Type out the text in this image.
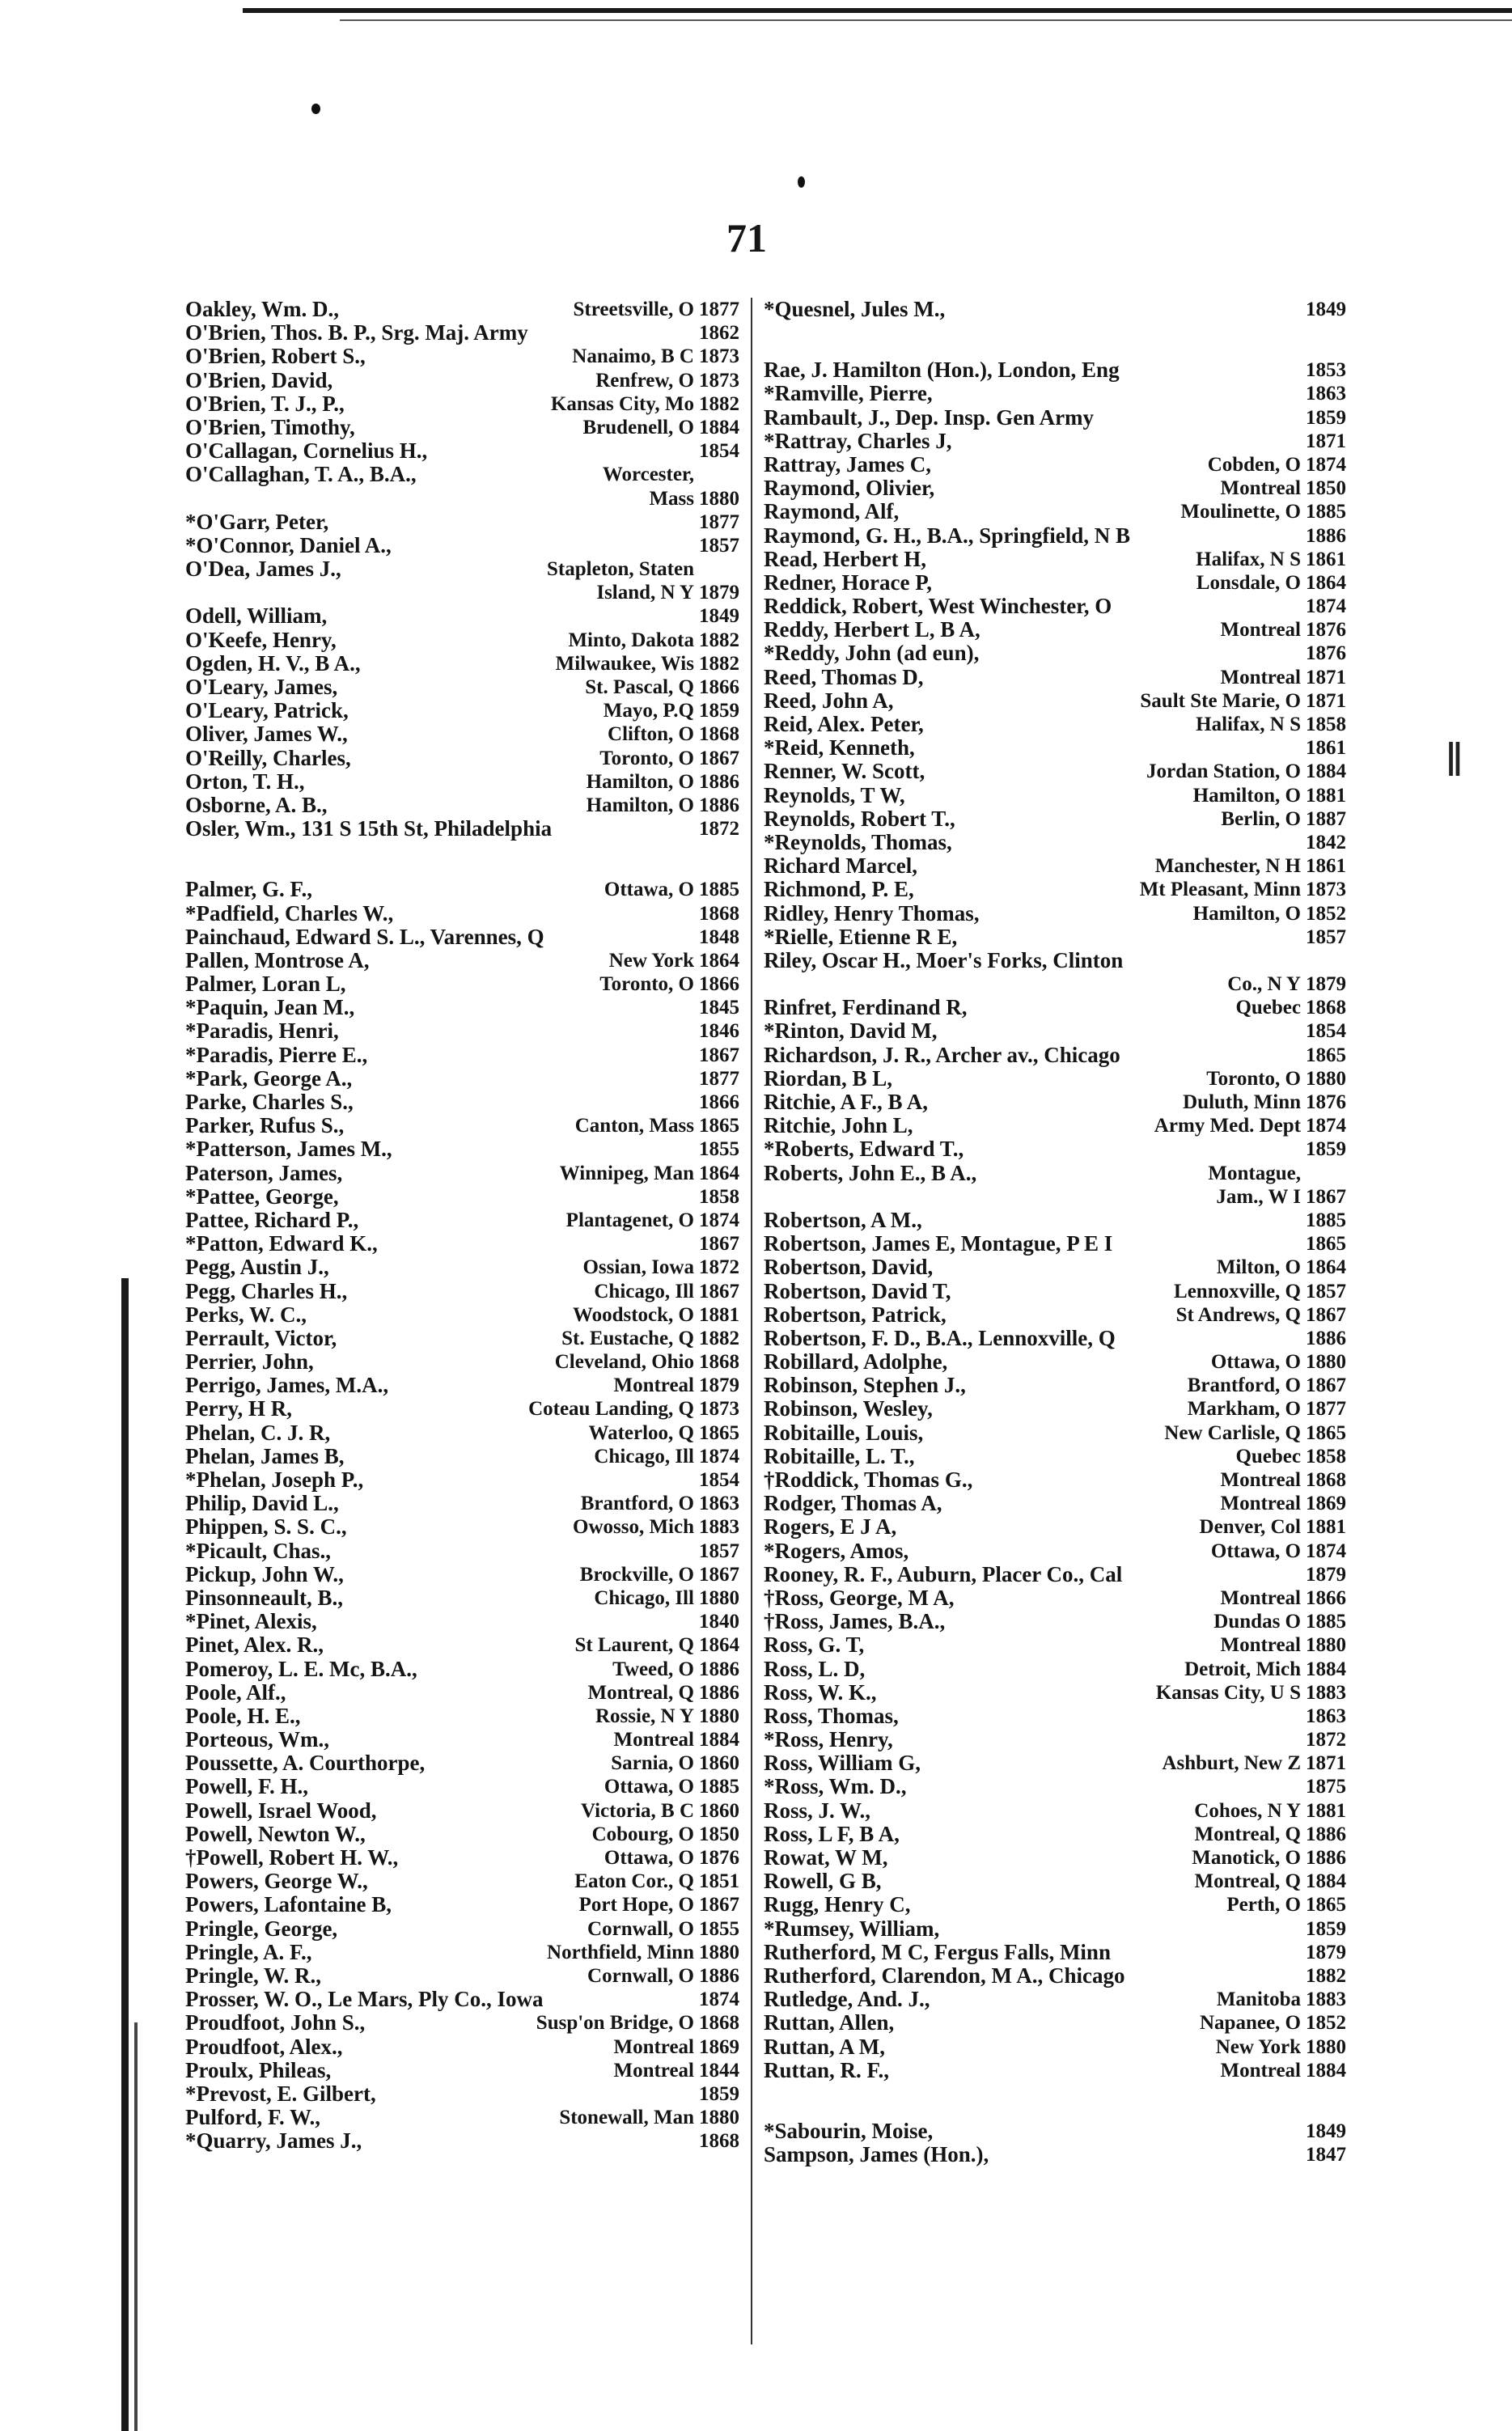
‖
71
Oakley, Wm. D.,	Streetsville, O 1877
O'Brien, Thos. B. P., Srg. Maj. Army	1862
O'Brien, Robert S.,	Nanaimo, B C 1873
O'Brien, David,	Renfrew, O 1873
O'Brien, T. J., P.,	Kansas City, Mo 1882
O'Brien, Timothy,	Brudenell, O 1884
O'Callagan, Cornelius H.,	1854
O'Callaghan, T. A., B.A.,	Worcester,
Mass 1880
*O'Garr, Peter,	1877
*O'Connor, Daniel A.,	1857
O'Dea, James J.,	Stapleton, Staten
Island, N Y 1879
Odell, William,	1849
O'Keefe, Henry,	Minto, Dakota 1882
Ogden, H. V., B A.,	Milwaukee, Wis 1882
O'Leary, James,	St. Pascal, Q 1866
O'Leary, Patrick,	Mayo, P.Q 1859
Oliver, James W.,	Clifton, O 1868
O'Reilly, Charles,	Toronto, O 1867
Orton, T. H.,	Hamilton, O 1886
Osborne, A. B.,	Hamilton, O 1886
Osler, Wm., 131 S 15th St, Philadelphia	1872
Palmer, G. F.,	Ottawa, O 1885
*Padfield, Charles W.,	1868
Painchaud, Edward S. L., Varennes, Q	1848
Pallen, Montrose A,	New York 1864
Palmer, Loran L,	Toronto, O 1866
*Paquin, Jean M.,	1845
*Paradis, Henri,	1846
*Paradis, Pierre E.,	1867
*Park, George A.,	1877
Parke, Charles S.,	1866
Parker, Rufus S.,	Canton, Mass 1865
*Patterson, James M.,	1855
Paterson, James,	Winnipeg, Man 1864
*Pattee, George,	1858
Pattee, Richard P.,	Plantagenet, O 1874
*Patton, Edward K.,	1867
Pegg, Austin J.,	Ossian, Iowa 1872
Pegg, Charles H.,	Chicago, Ill 1867
Perks, W. C.,	Woodstock, O 1881
Perrault, Victor,	St. Eustache, Q 1882
Perrier, John,	Cleveland, Ohio 1868
Perrigo, James, M.A.,	Montreal 1879
Perry, H R,	Coteau Landing, Q 1873
Phelan, C. J. R,	Waterloo, Q 1865
Phelan, James B,	Chicago, Ill 1874
*Phelan, Joseph P.,	1854
Philip, David L.,	Brantford, O 1863
Phippen, S. S. C.,	Owosso, Mich 1883
*Picault, Chas.,	1857
Pickup, John W.,	Brockville, O 1867
Pinsonneault, B.,	Chicago, Ill 1880
*Pinet, Alexis,	1840
Pinet, Alex. R.,	St Laurent, Q 1864
Pomeroy, L. E. Mc, B.A.,	Tweed, O 1886
Poole, Alf.,	Montreal, Q 1886
Poole, H. E.,	Rossie, N Y 1880
Porteous, Wm.,	Montreal 1884
Poussette, A. Courthorpe,	Sarnia, O 1860
Powell, F. H.,	Ottawa, O 1885
Powell, Israel Wood,	Victoria, B C 1860
Powell, Newton W.,	Cobourg, O 1850
†Powell, Robert H. W.,	Ottawa, O 1876
Powers, George W.,	Eaton Cor., Q 1851
Powers, Lafontaine B,	Port Hope, O 1867
Pringle, George,	Cornwall, O 1855
Pringle, A. F.,	Northfield, Minn 1880
Pringle, W. R.,	Cornwall, O 1886
Prosser, W. O., Le Mars, Ply Co., Iowa	1874
Proudfoot, John S.,	Susp'on Bridge, O 1868
Proudfoot, Alex.,	Montreal 1869
Proulx, Phileas,	Montreal 1844
*Prevost, E. Gilbert,	1859
Pulford, F. W.,	Stonewall, Man 1880
*Quarry, James J.,	1868
*Quesnel, Jules M.,	1849
Rae, J. Hamilton (Hon.), London, Eng	1853
*Ramville, Pierre,	1863
Rambault, J., Dep. Insp. Gen Army	1859
*Rattray, Charles J,	1871
Rattray, James C,	Cobden, O 1874
Raymond, Olivier,	Montreal 1850
Raymond, Alf,	Moulinette, O 1885
Raymond, G. H., B.A., Springfield, N B	1886
Read, Herbert H,	Halifax, N S 1861
Redner, Horace P,	Lonsdale, O 1864
Reddick, Robert, West Winchester, O	1874
Reddy, Herbert L, B A,	Montreal 1876
*Reddy, John (ad eun),	1876
Reed, Thomas D,	Montreal 1871
Reed, John A,	Sault Ste Marie, O 1871
Reid, Alex. Peter,	Halifax, N S 1858
*Reid, Kenneth,	1861
Renner, W. Scott,	Jordan Station, O 1884
Reynolds, T W,	Hamilton, O 1881
Reynolds, Robert T.,	Berlin, O 1887
*Reynolds, Thomas,	1842
Richard Marcel,	Manchester, N H 1861
Richmond, P. E,	Mt Pleasant, Minn 1873
Ridley, Henry Thomas,	Hamilton, O 1852
*Rielle, Etienne R E,	1857
Riley, Oscar H., Moer's Forks, Clinton
Co., N Y 1879
Rinfret, Ferdinand R,	Quebec 1868
*Rinton, David M,	1854
Richardson, J. R., Archer av., Chicago	1865
Riordan, B L,	Toronto, O 1880
Ritchie, A F., B A,	Duluth, Minn 1876
Ritchie, John L,	Army Med. Dept 1874
*Roberts, Edward T.,	1859
Roberts, John E., B A.,	Montague,
Jam., W I 1867
Robertson, A M.,	1885
Robertson, James E, Montague, P E I	1865
Robertson, David,	Milton, O 1864
Robertson, David T,	Lennoxville, Q 1857
Robertson, Patrick,	St Andrews, Q 1867
Robertson, F. D., B.A., Lennoxville, Q	1886
Robillard, Adolphe,	Ottawa, O 1880
Robinson, Stephen J.,	Brantford, O 1867
Robinson, Wesley,	Markham, O 1877
Robitaille, Louis,	New Carlisle, Q 1865
Robitaille, L. T.,	Quebec 1858
†Roddick, Thomas G.,	Montreal 1868
Rodger, Thomas A,	Montreal 1869
Rogers, E J A,	Denver, Col 1881
*Rogers, Amos,	Ottawa, O 1874
Rooney, R. F., Auburn, Placer Co., Cal	1879
†Ross, George, M A,	Montreal 1866
†Ross, James, B.A.,	Dundas O 1885
Ross, G. T,	Montreal 1880
Ross, L. D,	Detroit, Mich 1884
Ross, W. K.,	Kansas City, U S 1883
Ross, Thomas,	1863
*Ross, Henry,	1872
Ross, William G,	Ashburt, New Z 1871
*Ross, Wm. D.,	1875
Ross, J. W.,	Cohoes, N Y 1881
Ross, L F, B A,	Montreal, Q 1886
Rowat, W M,	Manotick, O 1886
Rowell, G B,	Montreal, Q 1884
Rugg, Henry C,	Perth, O 1865
*Rumsey, William,	1859
Rutherford, M C, Fergus Falls, Minn	1879
Rutherford, Clarendon, M A., Chicago	1882
Rutledge, And. J.,	Manitoba 1883
Ruttan, Allen,	Napanee, O 1852
Ruttan, A M,	New York 1880
Ruttan, R. F.,	Montreal 1884
*Sabourin, Moise,	1849
Sampson, James (Hon.),	1847
